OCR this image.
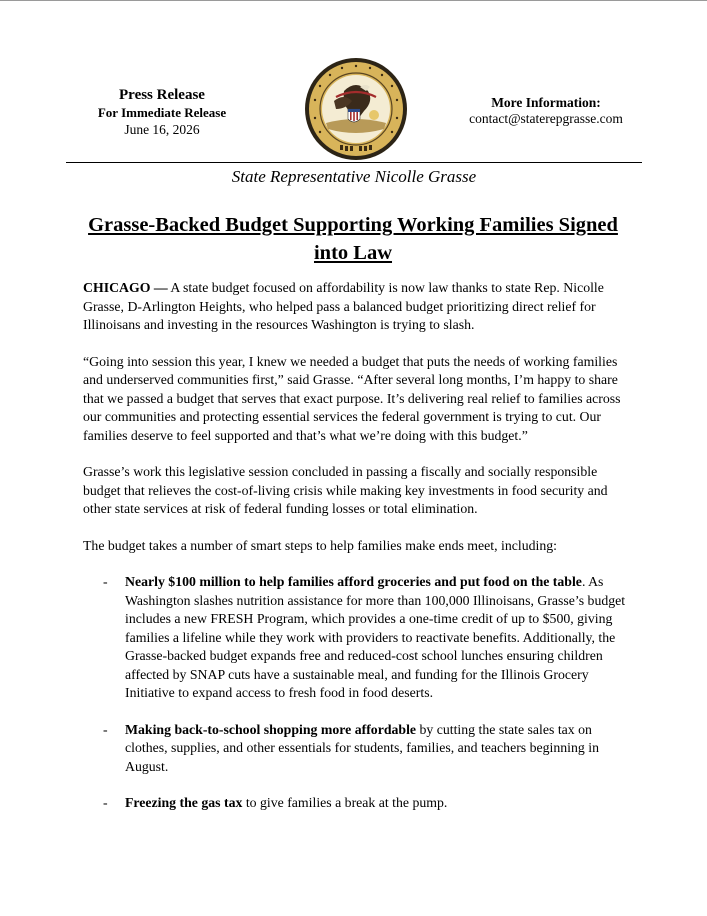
Press Release
For Immediate Release
June 16, 2026
More Information:
contact@staterepgrasse.com
State Representative Nicolle Grasse
Grasse-Backed Budget Supporting Working Families Signed
into Law

CHICAGO — A state budget focused on affordability is now law thanks to state Rep. Nicolle Grasse, D-Arlington Heights, who helped pass a balanced budget prioritizing direct relief for Illinoisans and investing in the resources Washington is trying to slash.

“Going into session this year, I knew we needed a budget that puts the needs of working families and underserved communities first,” said Grasse. “After several long months, I’m happy to share that we passed a budget that serves that exact purpose. It’s delivering real relief to families across our communities and protecting essential services the federal government is trying to cut. Our families deserve to feel supported and that’s what we’re doing with this budget.”

Grasse’s work this legislative session concluded in passing a fiscally and socially responsible budget that relieves the cost-of-living crisis while making key investments in food security and other state services at risk of federal funding losses or total elimination.

The budget takes a number of smart steps to help families make ends meet, including:

- Nearly $100 million to help families afford groceries and put food on the table. As Washington slashes nutrition assistance for more than 100,000 Illinoisans, Grasse’s budget includes a new FRESH Program, which provides a one-time credit of up to $500, giving families a lifeline while they work with providers to reactivate benefits. Additionally, the Grasse-backed budget expands free and reduced-cost school lunches ensuring children affected by SNAP cuts have a sustainable meal, and funding for the Illinois Grocery Initiative to expand access to fresh food in food deserts.
- Making back-to-school shopping more affordable by cutting the state sales tax on clothes, supplies, and other essentials for students, families, and teachers beginning in August.
- Freezing the gas tax to give families a break at the pump.
